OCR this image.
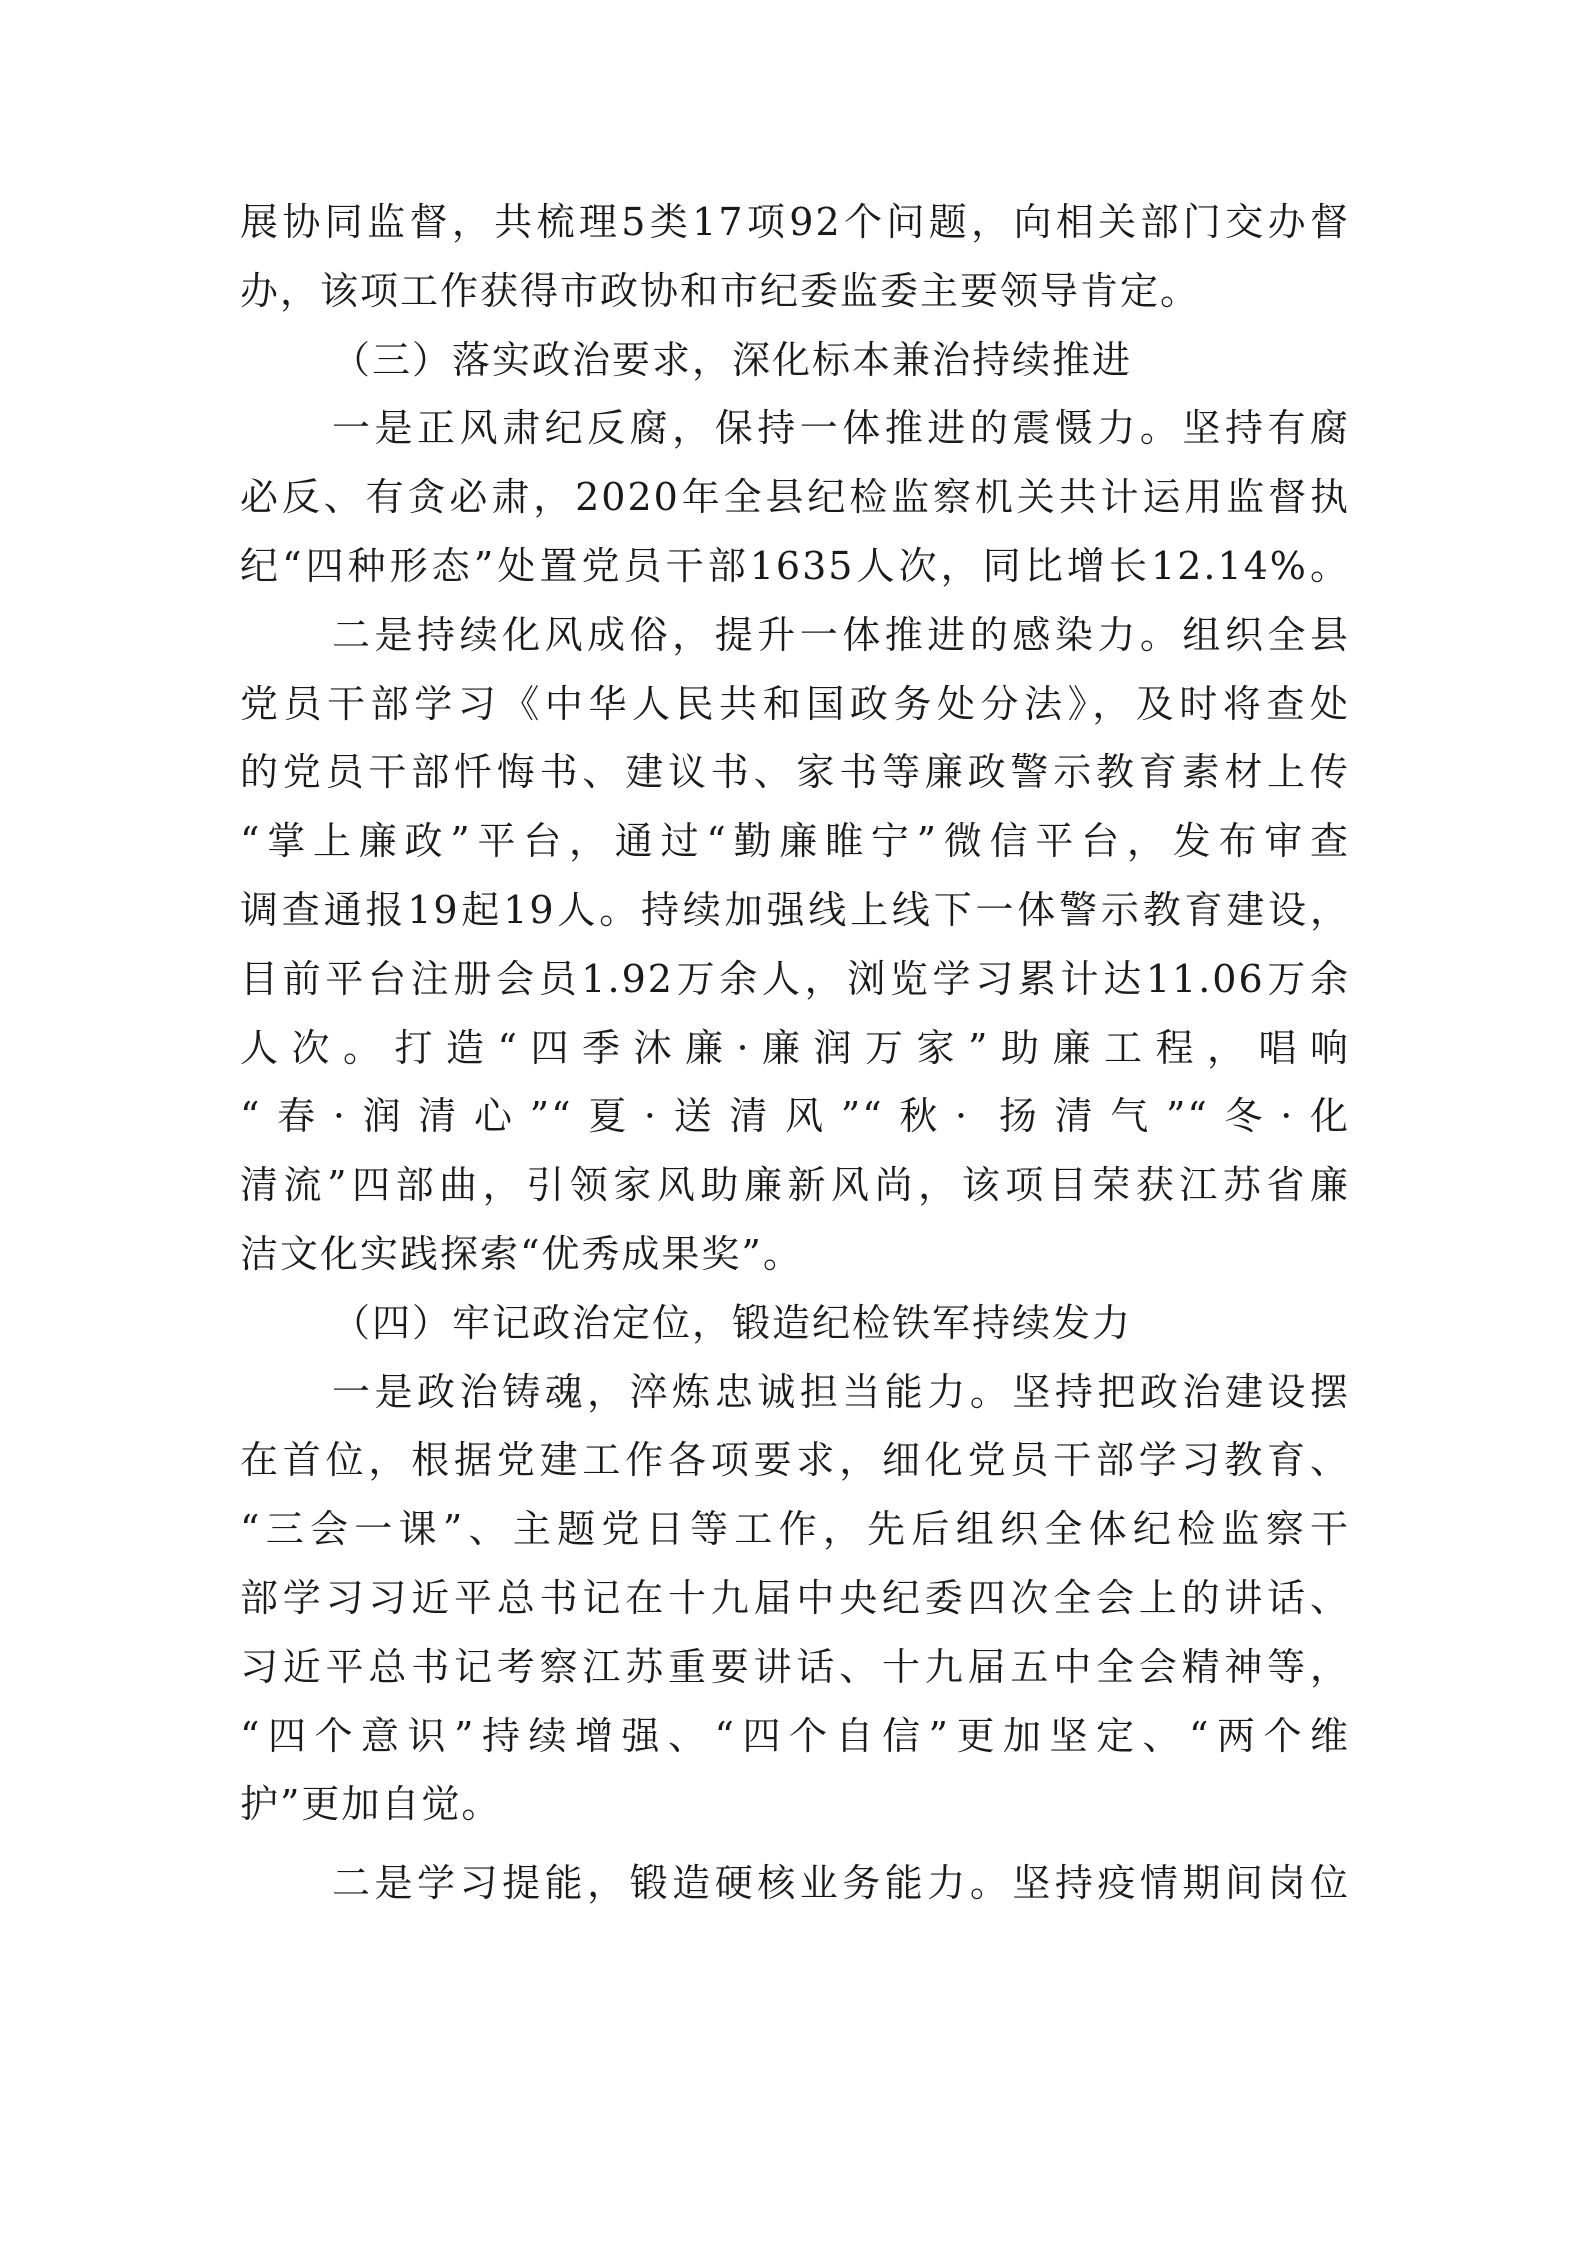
展协同监督，共梳理5类17项92个问题，向相关部门交办督
办，该项工作获得市政协和市纪委监委主要领导肯定。
（三）落实政治要求，深化标本兼治持续推进
一是正风肃纪反腐，保持一体推进的震慑力。坚持有腐
必反、有贪必肃，2020年全县纪检监察机关共计运用监督执
纪“四种形态”处置党员干部1635人次，同比增长12.14%。
二是持续化风成俗，提升一体推进的感染力。组织全县
党员干部学习《中华人民共和国政务处分法》，及时将查处
的党员干部忏悔书、建议书、家书等廉政警示教育素材上传
“掌上廉政”平台，通过“勤廉睢宁”微信平台，发布审查
调查通报19起19人。持续加强线上线下一体警示教育建设，
目前平台注册会员1.92万余人，浏览学习累计达11.06万余
人次。打造“四季沐廉·廉润万家”助廉工程，唱响
“春·润清心”“夏·送清风”“秋· 扬清气”“冬·化
清流”四部曲，引领家风助廉新风尚，该项目荣获江苏省廉
洁文化实践探索“优秀成果奖”。
（四）牢记政治定位，锻造纪检铁军持续发力
一是政治铸魂，淬炼忠诚担当能力。坚持把政治建设摆
在首位，根据党建工作各项要求，细化党员干部学习教育、
“三会一课”、主题党日等工作，先后组织全体纪检监察干
部学习习近平总书记在十九届中央纪委四次全会上的讲话、
习近平总书记考察江苏重要讲话、十九届五中全会精神等，
“四个意识”持续增强、“四个自信”更加坚定、“两个维
护”更加自觉。
二是学习提能，锻造硬核业务能力。坚持疫情期间岗位
